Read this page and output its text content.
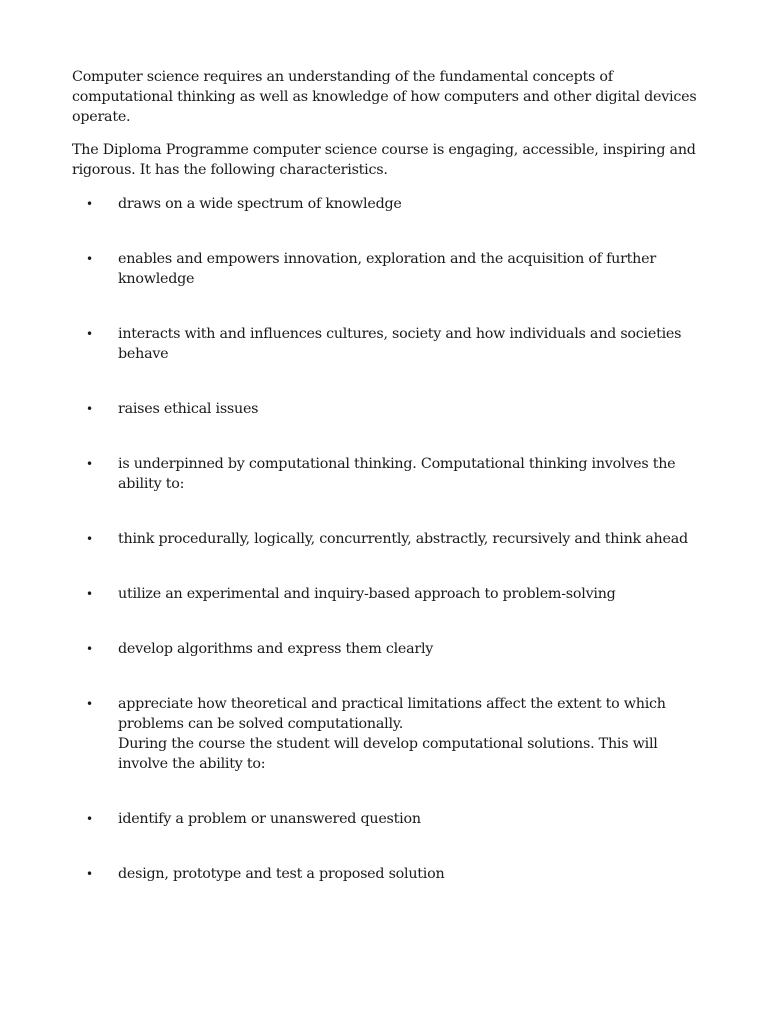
Computer science requires an understanding of the fundamental concepts of computational thinking as well as knowledge of how computers and other digital devices operate.

The Diploma Programme computer science course is engaging, accessible, inspiring and rigorous. It has the following characteristics.

• draws on a wide spectrum of knowledge
• enables and empowers innovation, exploration and the acquisition of further knowledge
• interacts with and influences cultures, society and how individuals and societies behave
• raises ethical issues
• is underpinned by computational thinking. Computational thinking involves the ability to:
• think procedurally, logically, concurrently, abstractly, recursively and think ahead
• utilize an experimental and inquiry-based approach to problem-solving
• develop algorithms and express them clearly
• appreciate how theoretical and practical limitations affect the extent to which problems can be solved computationally.
During the course the student will develop computational solutions. This will involve the ability to:
• identify a problem or unanswered question
• design, prototype and test a proposed solution
